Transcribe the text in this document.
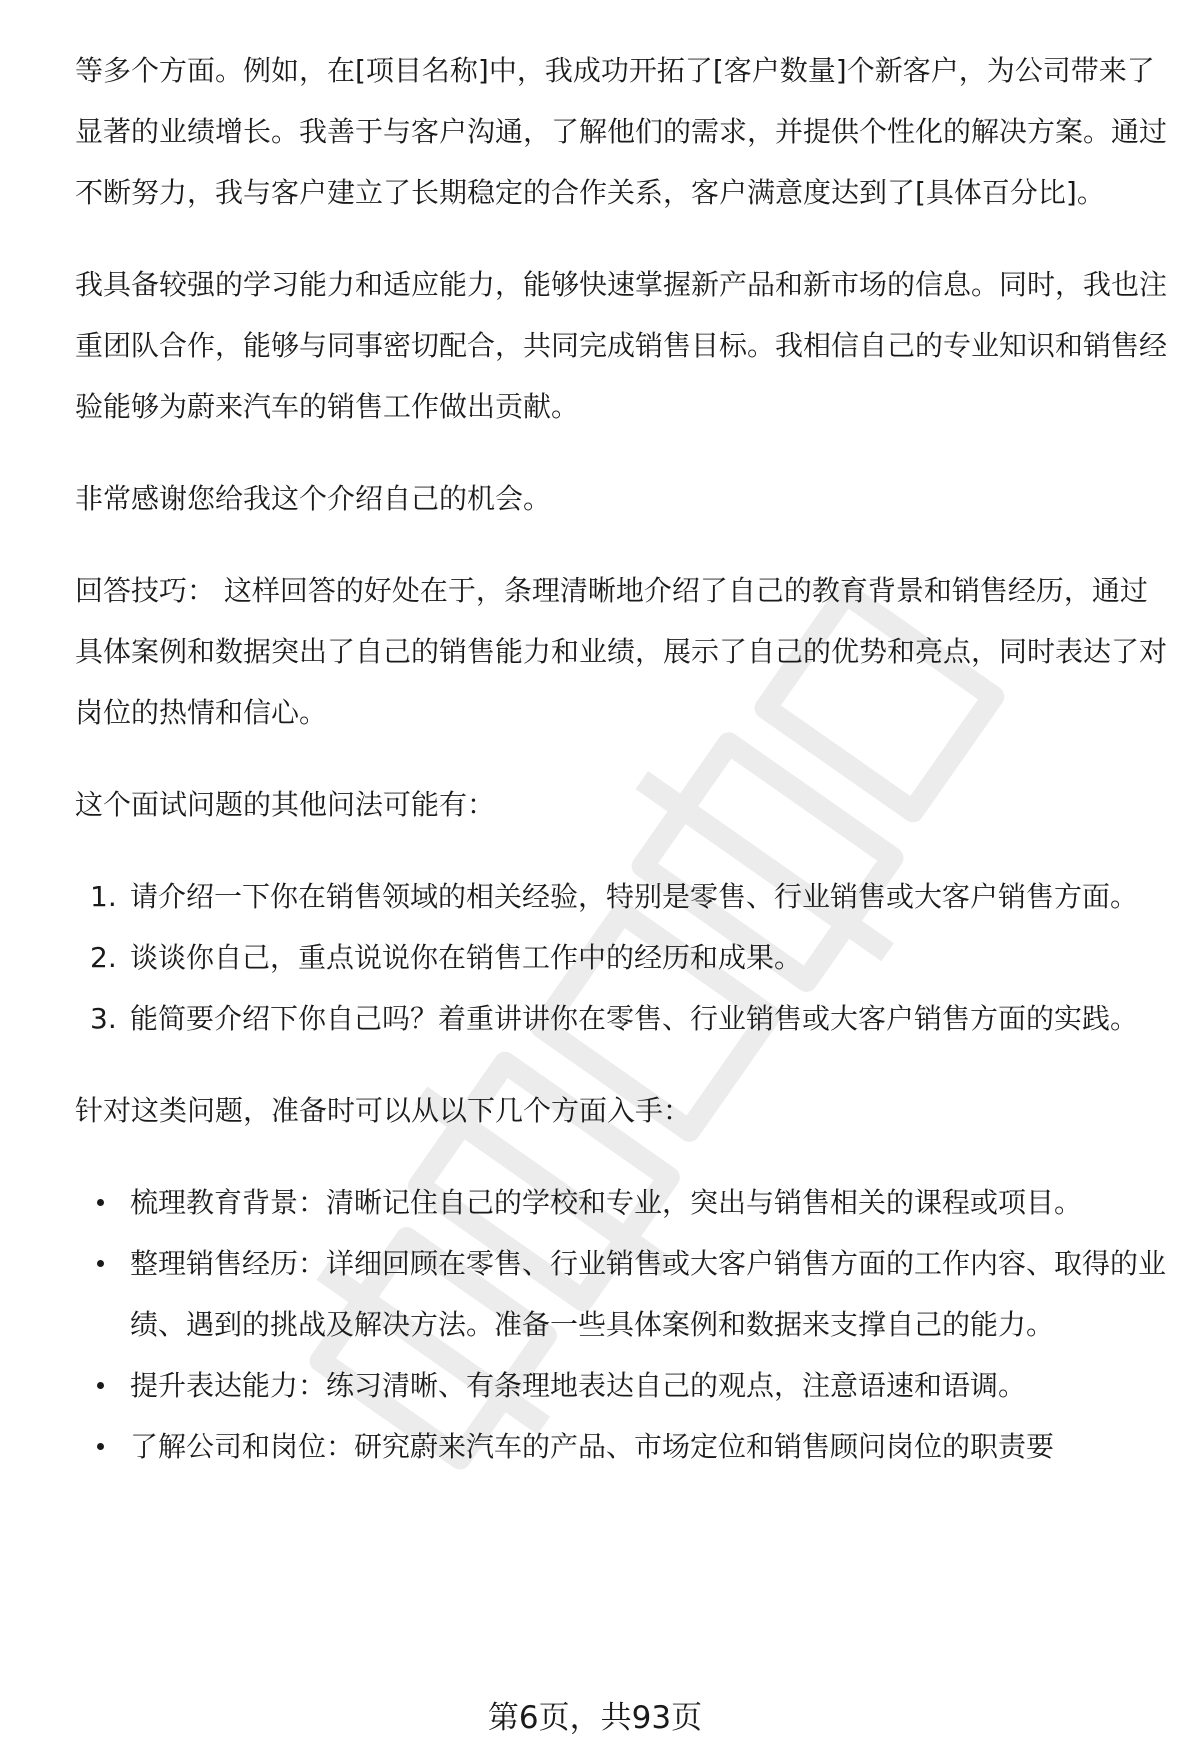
等多个方面。例如，在[项目名称]中，我成功开拓了[客户数量]个新客户，为公司带来了显著的业绩增长。我善于与客户沟通，了解他们的需求，并提供个性化的解决方案。通过不断努力，我与客户建立了长期稳定的合作关系，客户满意度达到了[具体百分比]。

我具备较强的学习能力和适应能力，能够快速掌握新产品和新市场的信息。同时，我也注重团队合作，能够与同事密切配合，共同完成销售目标。我相信自己的专业知识和销售经验能够为蔚来汽车的销售工作做出贡献。

非常感谢您给我这个介绍自己的机会。

回答技巧： 这样回答的好处在于，条理清晰地介绍了自己的教育背景和销售经历，通过具体案例和数据突出了自己的销售能力和业绩，展示了自己的优势和亮点，同时表达了对岗位的热情和信心。

这个面试问题的其他问法可能有：

1. 请介绍一下你在销售领域的相关经验，特别是零售、行业销售或大客户销售方面。
2. 谈谈你自己，重点说说你在销售工作中的经历和成果。
3. 能简要介绍下你自己吗？着重讲讲你在零售、行业销售或大客户销售方面的实践。

针对这类问题，准备时可以从以下几个方面入手：

梳理教育背景：清晰记住自己的学校和专业，突出与销售相关的课程或项目。
整理销售经历：详细回顾在零售、行业销售或大客户销售方面的工作内容、取得的业绩、遇到的挑战及解决方法。准备一些具体案例和数据来支撑自己的能力。
提升表达能力：练习清晰、有条理地表达自己的观点，注意语速和语调。
了解公司和岗位：研究蔚来汽车的产品、市场定位和销售顾问岗位的职责要
第6页，共93页
